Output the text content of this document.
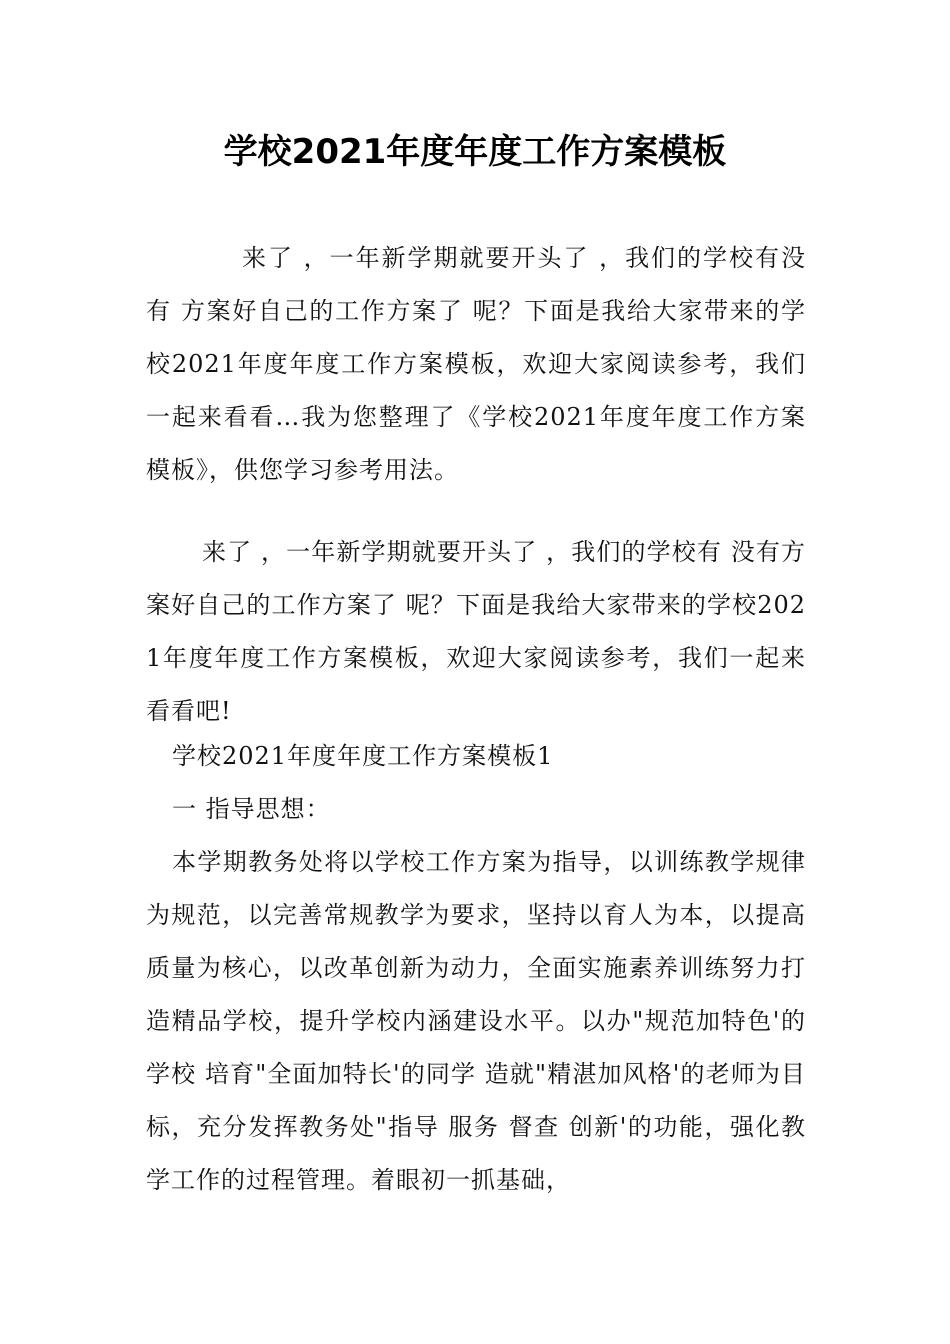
学校2021年度年度工作方案模板

来了 ，一年新学期就要开头了 ，我们的学校有没有 方案好自己的工作方案了 呢？下面是我给大家带来的学校2021年度年度工作方案模板，欢迎大家阅读参考，我们一起来看看…我为您整理了《学校2021年度年度工作方案模板》，供您学习参考用法。

来了 ，一年新学期就要开头了 ，我们的学校有 没有方案好自己的工作方案了 呢？下面是我给大家带来的学校2021年度年度工作方案模板，欢迎大家阅读参考，我们一起来看看吧!

学校2021年度年度工作方案模板1

一 指导思想：

本学期教务处将以学校工作方案为指导，以训练教学规律为规范，以完善常规教学为要求，坚持以育人为本，以提高质量为核心，以改革创新为动力，全面实施素养训练努力打造精品学校，提升学校内涵建设水平。以办"规范加特色'的学校 培育"全面加特长'的同学 造就"精湛加风格'的老师为目标，充分发挥教务处"指导 服务 督查 创新'的功能，强化教学工作的过程管理。着眼初一抓基础，
